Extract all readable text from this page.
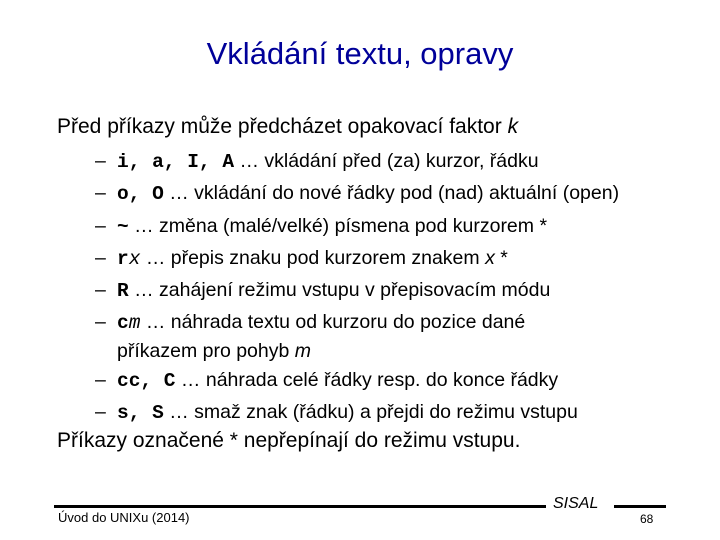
Vkládání textu, opravy
Před příkazy může předcházet opakovací faktor k
– i, a, I, A … vkládání před (za) kurzor, řádku
– o, O … vkládání do nové řádky pod (nad) aktuální (open)
– ~ … změna (malé/velké) písmena pod kurzorem *
– rx … přepis znaku pod kurzorem znakem x *
– R … zahájení režimu vstupu v přepisovacím módu
– cm … náhrada textu od kurzoru do pozice dané
příkazem pro pohyb m
– cc, C … náhrada celé řádky resp. do konce řádky
– s, S … smaž znak (řádku) a přejdi do režimu vstupu
Příkazy označené * nepřepínají do režimu vstupu.
Úvod do UNIXu (2014)
SISAL
68
